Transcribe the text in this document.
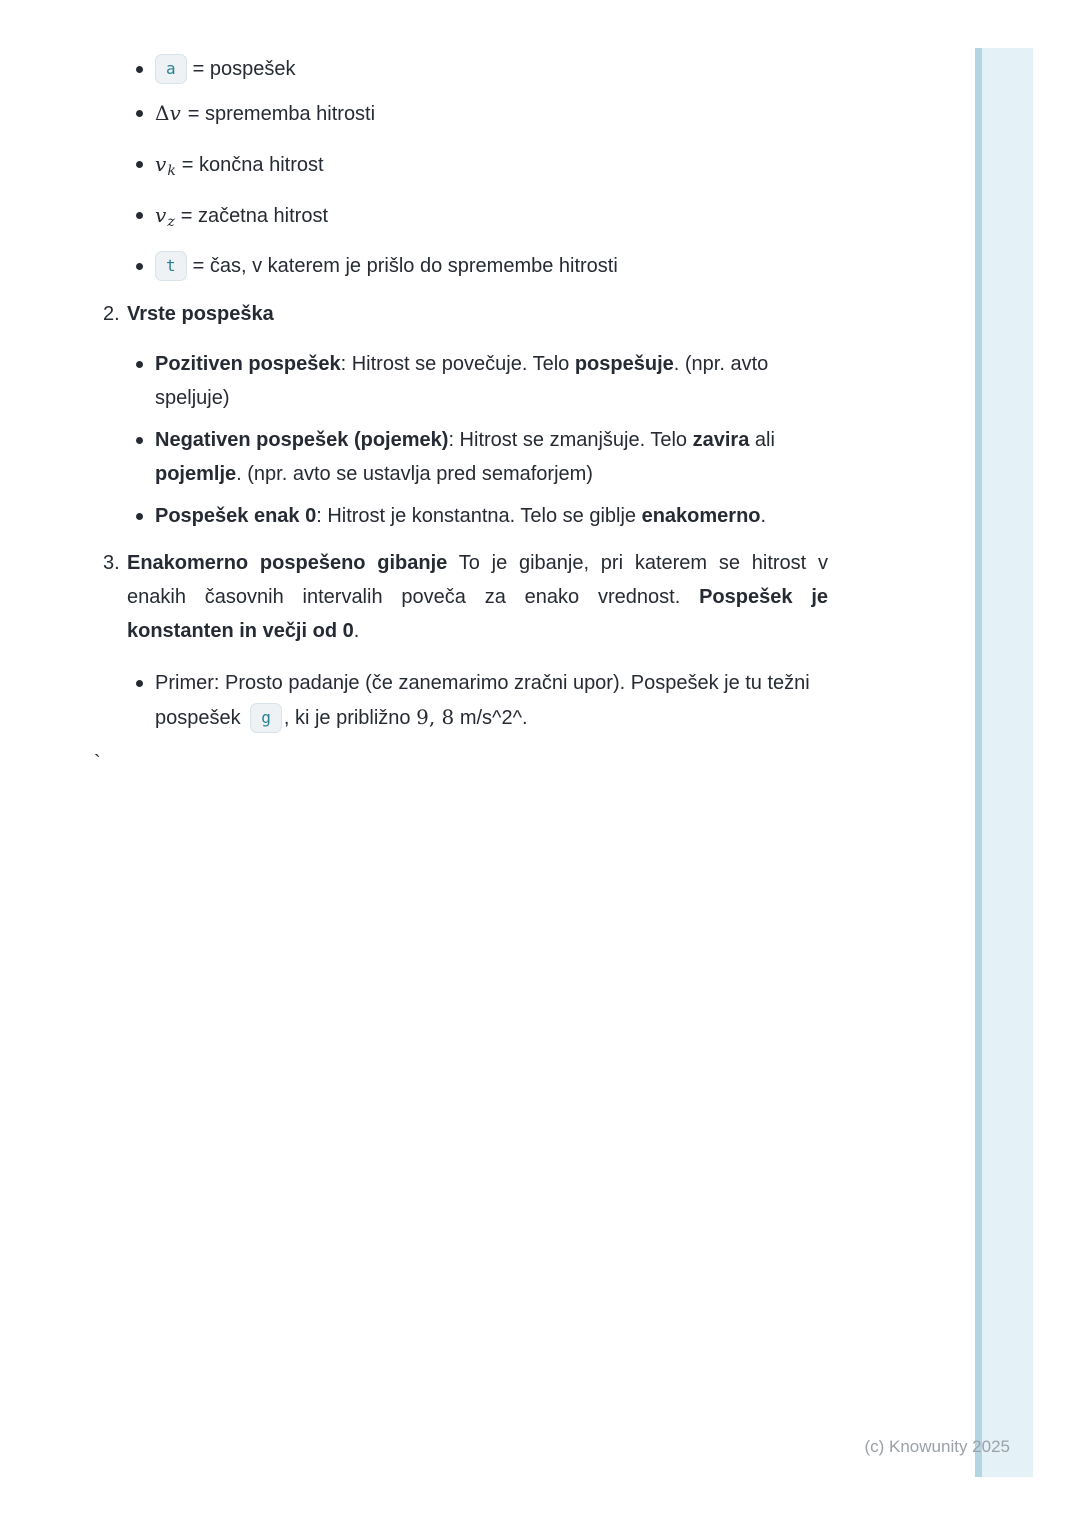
a = pospešek
Δv = sprememba hitrosti
$v_k$ = končna hitrost
$v_z$ = začetna hitrost
t = čas, v katerem je prišlo do spremembe hitrosti
2. Vrste pospeška
Pozitiven pospešek: Hitrost se povečuje. Telo pospešuje. (npr. avto speljuje)
Negativen pospešek (pojemek): Hitrost se zmanjšuje. Telo zavira ali pojemlje. (npr. avto se ustavlja pred semaforjem)
Pospešek enak 0: Hitrost je konstantna. Telo se giblje enakomerno.
3. Enakomerno pospešeno gibanje To je gibanje, pri katerem se hitrost v enakih časovnih intervalih poveča za enako vrednost. Pospešek je konstanten in večji od 0.
Primer: Prosto padanje (če zanemarimo zračni upor). Pospešek je tu težni pospešek g , ki je približno 9, 8 m/s^2^.
`
(c) Knowunity 2025
